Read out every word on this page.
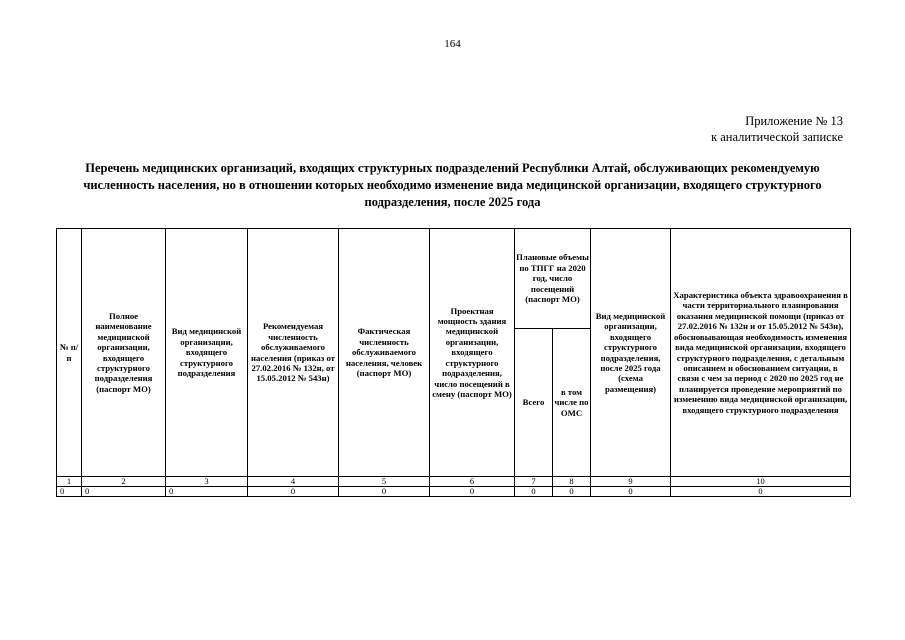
164
Приложение № 13
к аналитической записке
Перечень медицинских организаций, входящих структурных подразделений Республики Алтай, обслуживающих рекомендуемую численность населения, но в отношении которых необходимо изменение вида медицинской организации, входящего структурного подразделения, после 2025 года
№ п/п	Полное наименование медицинской организации, входящего структурного подразделения (паспорт МО)	Вид медицинской организации, входящего структурного подразделения	Рекомендуемая численность обслуживаемого населения (приказ от 27.02.2016 № 132н, от 15.05.2012 № 543н)	Фактическая численность обслуживаемого населения, человек (паспорт МО)	Проектная мощность здания медицинской организации, входящего структурного подразделения, число посещений в смену (паспорт МО)	Плановые объемы по ТПГГ на 2020 год, число посещений (паспорт МО)		Вид медицинской организации, входящего структурного подразделения, после 2025 года (схема размещения)	Характеристика объекта здравоохранения в части территориального планирования оказания медицинской помощи (приказ от 27.02.2016 № 132н и от 15.05.2012 № 543н), обосновывающая необходимость изменения вида медицинской организации, входящего структурного подразделения, с детальным описанием и обоснованием ситуации, в связи с чем за период с 2020 по 2025 год не планируется проведение мероприятий по изменению вида медицинской организации, входящего структурного подразделения
						Всего	в том числе по ОМС		
1	2	3	4	5	6	7	8	9	10
0	0	0	0	0	0	0	0	0	0
